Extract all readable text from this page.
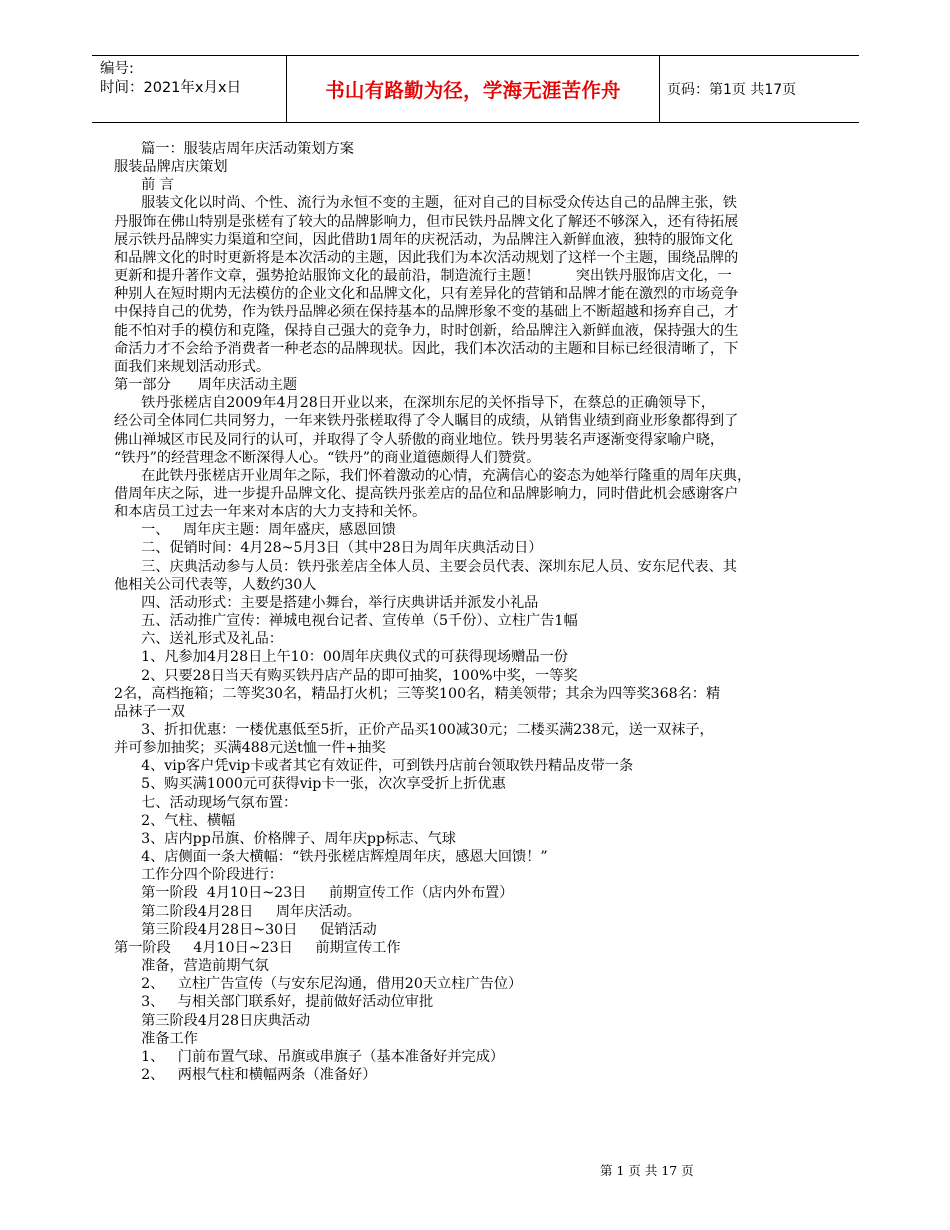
编号:
时间：2021年x月x日	书山有路勤为径，学海无涯苦作舟	页码：第1页 共17页
篇一：服装店周年庆活动策划方案
服装品牌店庆策划
前 言
服装文化以时尚、个性、流行为永恒不变的主题，征对自己的目标受众传达自己的品牌主张，铁
丹服饰在佛山特别是张槎有了较大的品牌影响力，但市民铁丹品牌文化了解还不够深入，还有待拓展
展示铁丹品牌实力渠道和空间，因此借助1周年的庆祝活动，为品牌注入新鲜血液，独特的服饰文化
和品牌文化的时时更新将是本次活动的主题，因此我们为本次活动规划了这样一个主题，围绕品牌的
更新和提升著作文章，强势抢站服饰文化的最前沿，制造流行主题！        突出铁丹服饰店文化，一
种别人在短时期内无法模仿的企业文化和品牌文化，只有差异化的营销和品牌才能在激烈的市场竞争
中保持自己的优势，作为铁丹品牌必须在保持基本的品牌形象不变的基础上不断超越和扬弃自己，才
能不怕对手的模仿和克隆，保持自己强大的竞争力，时时创新，给品牌注入新鲜血液，保持强大的生
命活力才不会给予消费者一种老态的品牌现状。因此，我们本次活动的主题和目标已经很清晰了，下
面我们来规划活动形式。
第一部分      周年庆活动主题
铁丹张槎店自2009年4月28日开业以来，在深圳东尼的关怀指导下，在蔡总的正确领导下，
经公司全体同仁共同努力，一年来铁丹张槎取得了令人瞩目的成绩，从销售业绩到商业形象都得到了
佛山禅城区市民及同行的认可，并取得了令人骄傲的商业地位。铁丹男装名声逐渐变得家喻户晓，
“铁丹”的经营理念不断深得人心。“铁丹”的商业道德颇得人们赞赏。
在此铁丹张槎店开业周年之际，我们怀着激动的心情，充满信心的姿态为她举行隆重的周年庆典，
借周年庆之际，进一步提升品牌文化、提高铁丹张差店的品位和品牌影响力，同时借此机会感谢客户
和本店员工过去一年来对本店的大力支持和关怀。
一、   周年庆主题：周年盛庆，感恩回馈
二、促销时间：4月28~5月3日（其中28日为周年庆典活动日）
三、庆典活动参与人员：铁丹张差店全体人员、主要会员代表、深圳东尼人员、安东尼代表、其
他相关公司代表等，人数约30人
四、活动形式：主要是搭建小舞台，举行庆典讲话并派发小礼品
五、活动推广宣传：禅城电视台记者、宣传单（5千份）、立柱广告1幅
六、送礼形式及礼品：
1、凡参加4月28日上午10：00周年庆典仪式的可获得现场赠品一份
2、只要28日当天有购买铁丹店产品的即可抽奖，100%中奖，一等奖
2名，高档拖箱；二等奖30名，精品打火机；三等奖100名，精美领带；其余为四等奖368名：精
品袜子一双
3、折扣优惠：一楼优惠低至5折，正价产品买100减30元；二楼买满238元，送一双袜子，
并可参加抽奖；买满488元送t恤一件+抽奖
4、vip客户凭vip卡或者其它有效证件，可到铁丹店前台领取铁丹精品皮带一条
5、购买满1000元可获得vip卡一张，次次享受折上折优惠
七、活动现场气氛布置：
2、气柱、横幅
3、店内pp吊旗、价格牌子、周年庆pp标志、气球
4、店侧面一条大横幅：“铁丹张槎店辉煌周年庆，感恩大回馈！”
工作分四个阶段进行：
第一阶段  4月10日~23日     前期宣传工作（店内外布置）
第二阶段4月28日     周年庆活动。
第三阶段4月28日~30日     促销活动
第一阶段     4月10日~23日     前期宣传工作
准备，营造前期气氛
2、   立柱广告宣传（与安东尼沟通，借用20天立柱广告位）
3、   与相关部门联系好，提前做好活动位审批
第三阶段4月28日庆典活动
准备工作
1、   门前布置气球、吊旗或串旗子（基本准备好并完成）
2、   两根气柱和横幅两条（准备好）
第 1 页 共 17 页
